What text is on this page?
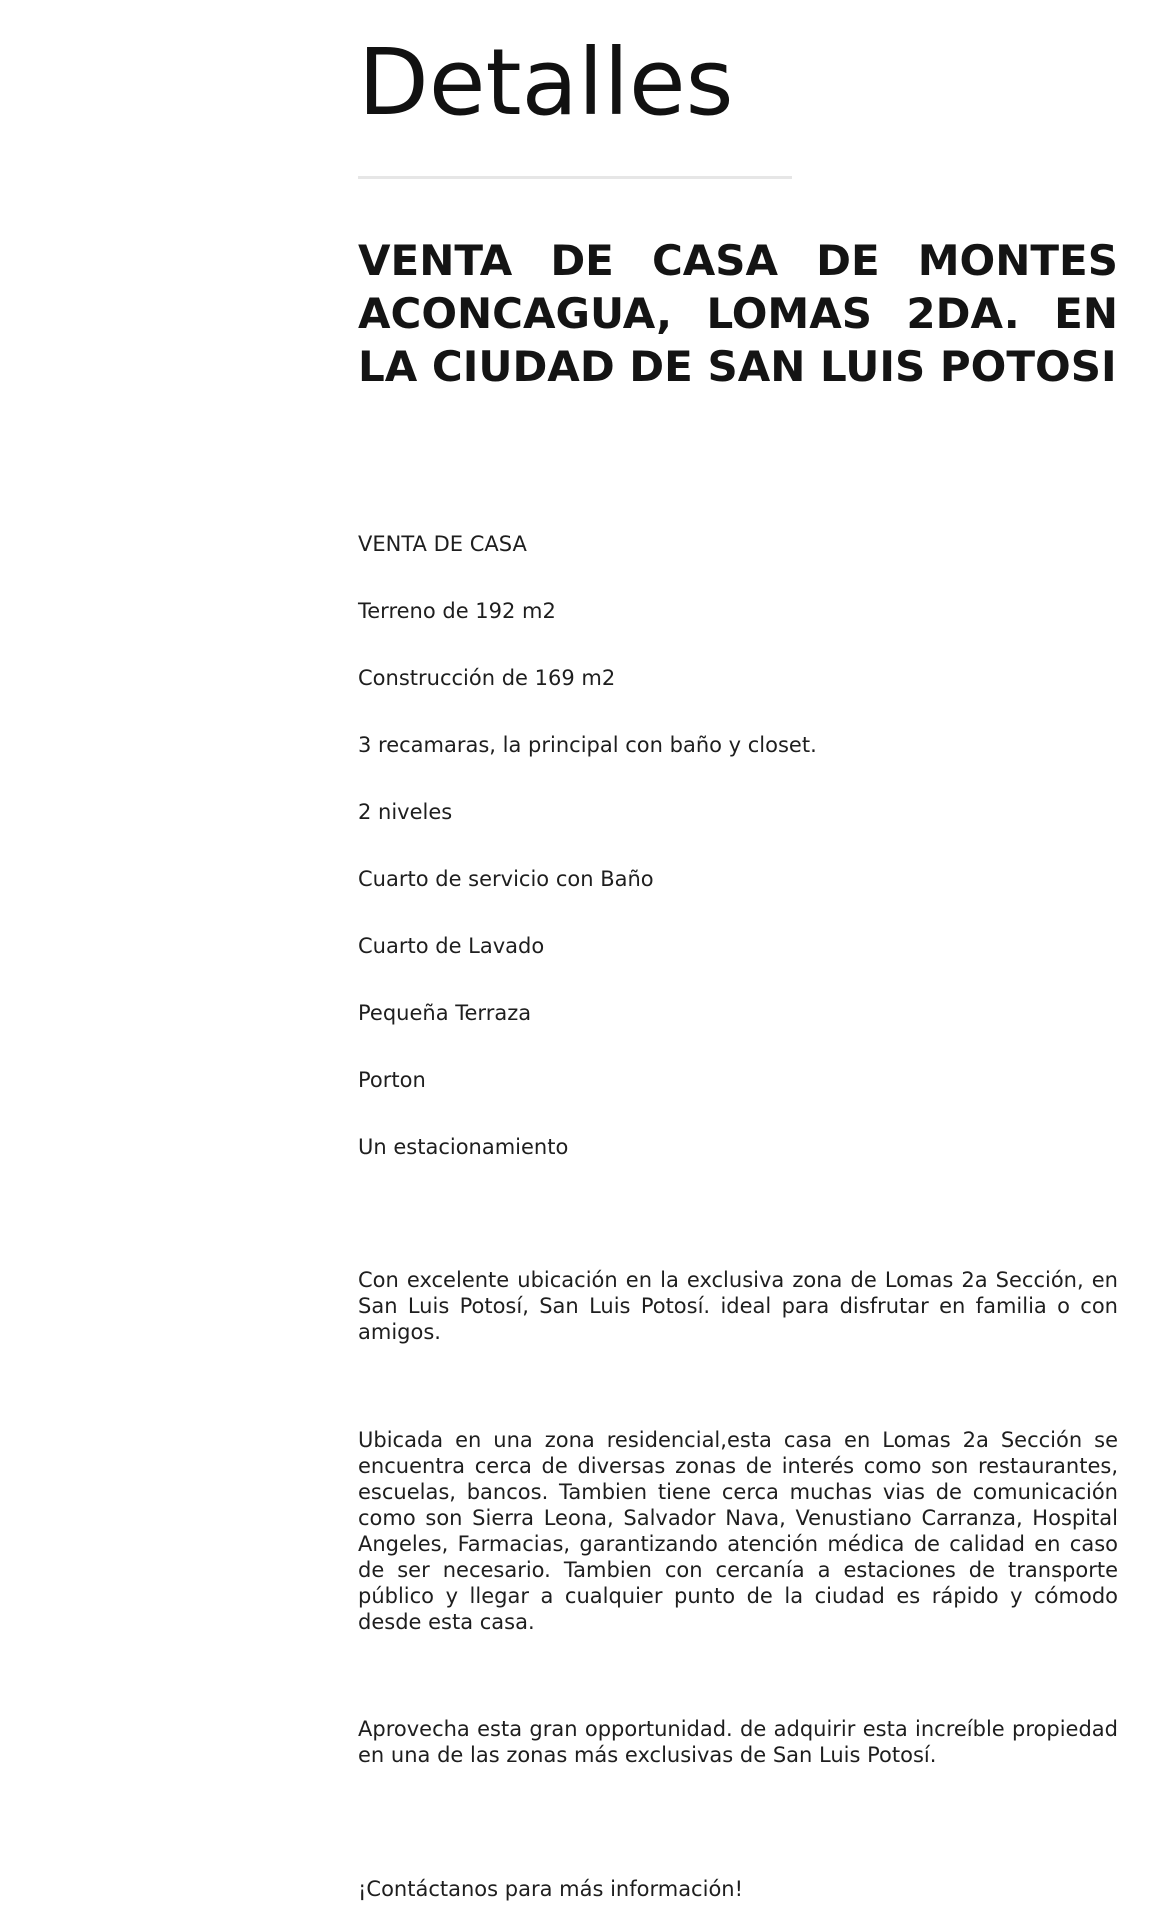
Detalles
VENTA DE CASA DE MONTES ACONCAGUA, LOMAS 2DA. EN LA CIUDAD DE SAN LUIS POTOSI
VENTA DE CASA
Terreno de 192 m2
Construcción de 169 m2
3 recamaras, la principal con baño y closet.
2 niveles
Cuarto de servicio con Baño
Cuarto de Lavado
Pequeña Terraza
Porton
Un estacionamiento

Con excelente ubicación en la exclusiva zona de Lomas 2a Sección, en San Luis Potosí, San Luis Potosí. ideal para disfrutar en familia o con amigos.

Ubicada en una zona residencial,esta casa en Lomas 2a Sección se encuentra cerca de diversas zonas de interés como son restaurantes, escuelas, bancos. Tambien tiene cerca muchas vias de comunicación como son Sierra Leona, Salvador Nava, Venustiano Carranza, Hospital Angeles, Farmacias, garantizando atención médica de calidad en caso de ser necesario. Tambien con cercanía a estaciones de transporte público y llegar a cualquier punto de la ciudad es rápido y cómodo desde esta casa.

Aprovecha esta gran opportunidad. de adquirir esta increíble propiedad en una de las zonas más exclusivas de San Luis Potosí.

¡Contáctanos para más información!
